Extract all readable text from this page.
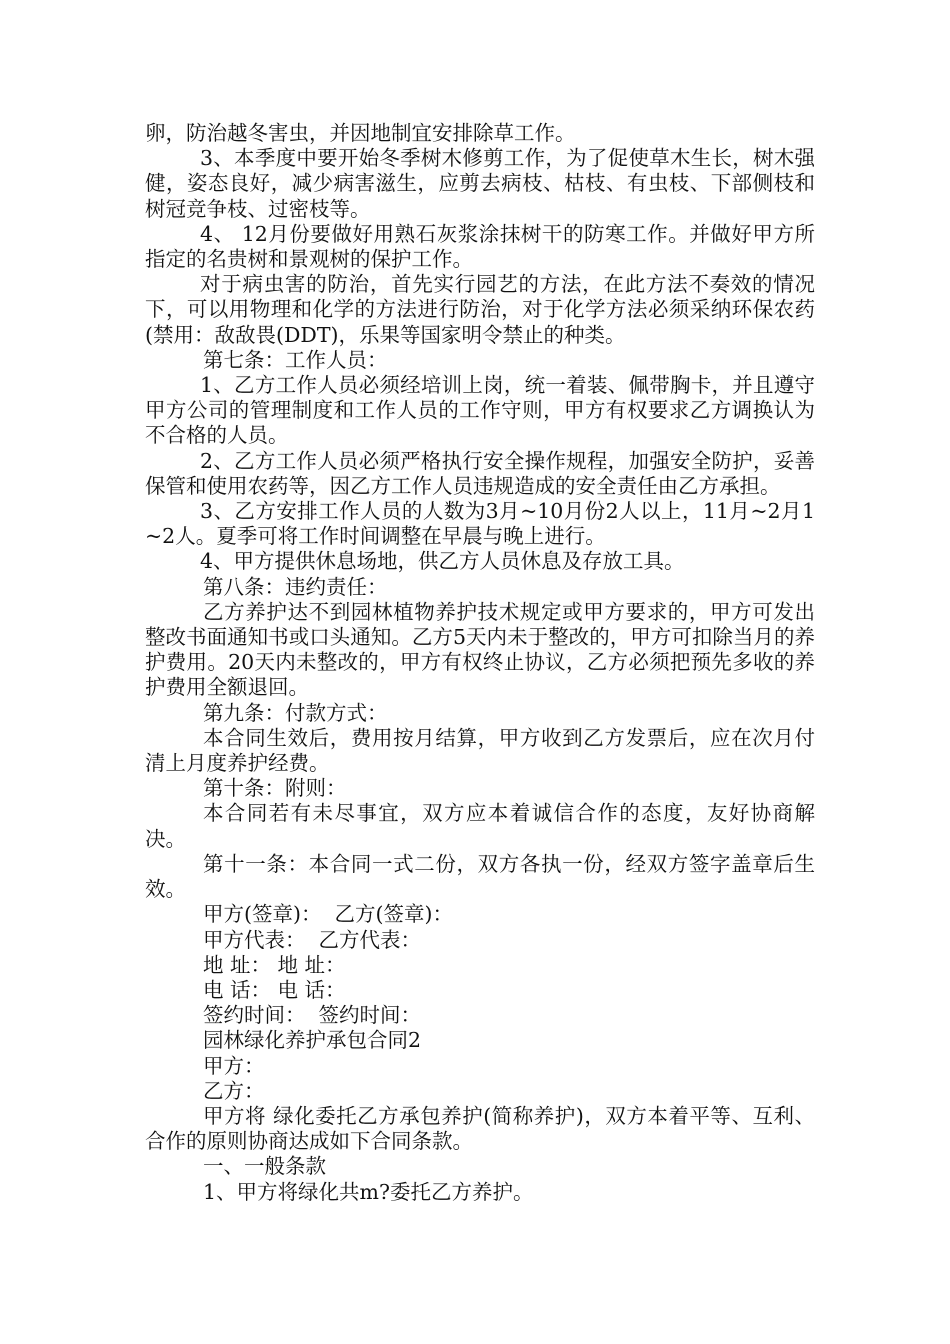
卵，防治越冬害虫，并因地制宜安排除草工作。

3、本季度中要开始冬季树木修剪工作，为了促使草木生长，树木强健，姿态良好，减少病害滋生，应剪去病枝、枯枝、有虫枝、下部侧枝和树冠竞争枝、过密枝等。

4、 12月份要做好用熟石灰浆涂抹树干的防寒工作。并做好甲方所指定的名贵树和景观树的保护工作。

对于病虫害的防治，首先实行园艺的方法，在此方法不奏效的情况下，可以用物理和化学的方法进行防治，对于化学方法必须采纳环保农药(禁用：敌敌畏(DDT)，乐果等国家明令禁止的种类。

第七条：工作人员：

1、乙方工作人员必须经培训上岗，统一着装、佩带胸卡，并且遵守甲方公司的管理制度和工作人员的工作守则，甲方有权要求乙方调换认为不合格的人员。

2、乙方工作人员必须严格执行安全操作规程，加强安全防护，妥善保管和使用农药等，因乙方工作人员违规造成的安全责任由乙方承担。

3、乙方安排工作人员的人数为3月~10月份2人以上，11月~2月1~2人。夏季可将工作时间调整在早晨与晚上进行。

4、甲方提供休息场地，供乙方人员休息及存放工具。

第八条：违约责任：

乙方养护达不到园林植物养护技术规定或甲方要求的，甲方可发出整改书面通知书或口头通知。乙方5天内未于整改的，甲方可扣除当月的养护费用。20天内未整改的，甲方有权终止协议，乙方必须把预先多收的养护费用全额退回。

第九条：付款方式：

本合同生效后，费用按月结算，甲方收到乙方发票后，应在次月付清上月度养护经费。

第十条：附则：

本合同若有未尽事宜，双方应本着诚信合作的态度，友好协商解决。

第十一条：本合同一式二份，双方各执一份，经双方签字盖章后生效。

甲方(签章)：  乙方(签章)：

甲方代表：  乙方代表：

地 址： 地 址：

电 话： 电 话：

签约时间：  签约时间：

园林绿化养护承包合同2

甲方：

乙方：

甲方将 绿化委托乙方承包养护(简称养护)，双方本着平等、互利、合作的原则协商达成如下合同条款。

一、一般条款

1、甲方将绿化共m?委托乙方养护。
